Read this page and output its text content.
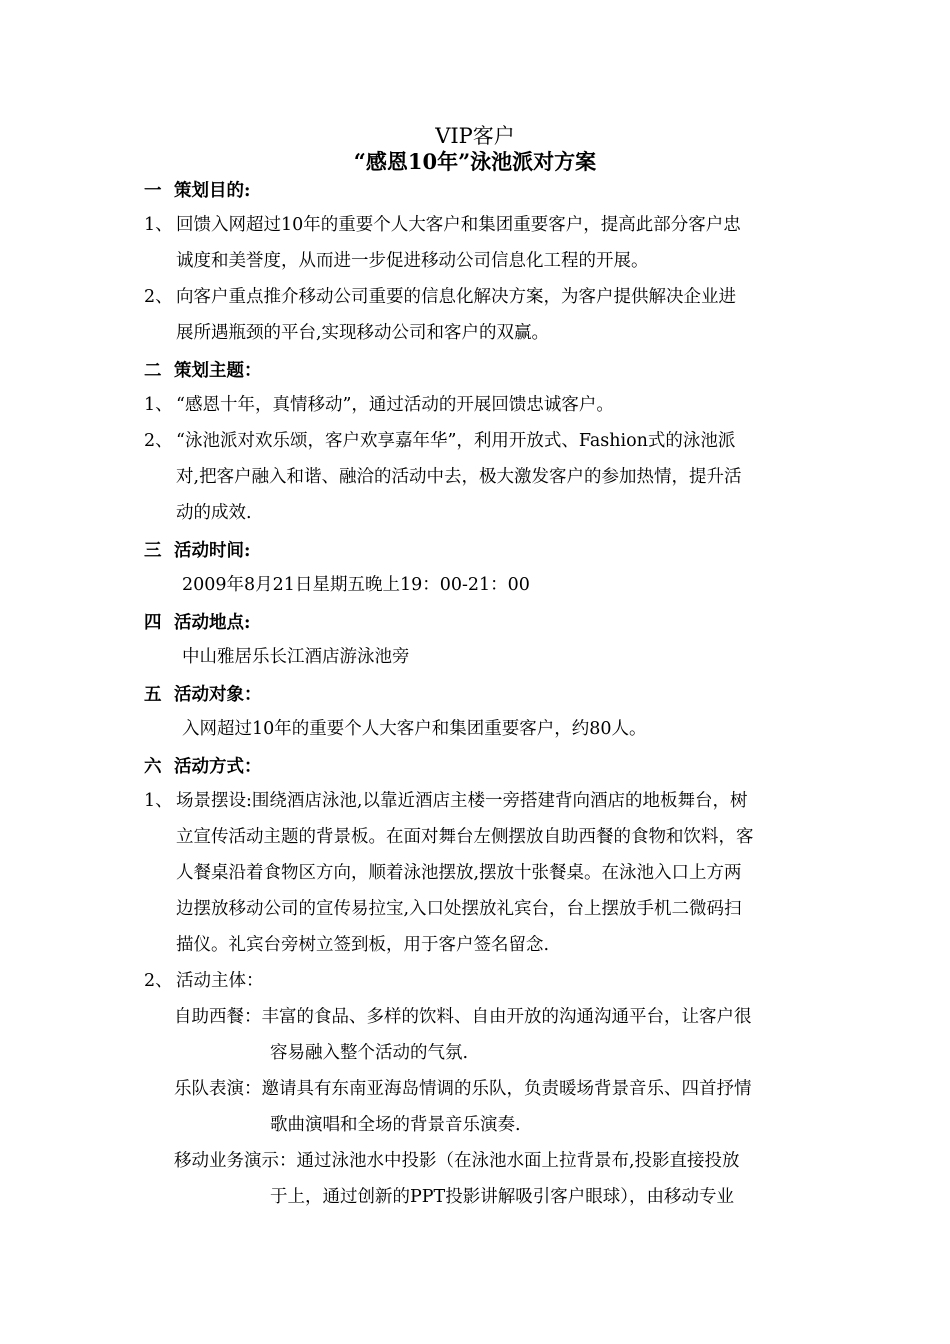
VIP客户
“感恩10年”泳池派对方案
一 策划目的:
1、 回馈入网超过10年的重要个人大客户和集团重要客户，提高此部分客户忠
诚度和美誉度，从而进一步促进移动公司信息化工程的开展。
2、 向客户重点推介移动公司重要的信息化解决方案，为客户提供解决企业进
展所遇瓶颈的平台,实现移动公司和客户的双赢。
二 策划主题：
1、 “感恩十年，真情移动”，通过活动的开展回馈忠诚客户。
2、 “泳池派对欢乐颂，客户欢享嘉年华”，利用开放式、Fashion式的泳池派
对,把客户融入和谐、融洽的活动中去，极大激发客户的参加热情，提升活
动的成效.
三 活动时间:
2009年8月21日星期五晚上19：00-21：00
四 活动地点:
中山雅居乐长江酒店游泳池旁
五 活动对象：
入网超过10年的重要个人大客户和集团重要客户，约80人。
六 活动方式：
1、 场景摆设:围绕酒店泳池,以靠近酒店主楼一旁搭建背向酒店的地板舞台，树
立宣传活动主题的背景板。在面对舞台左侧摆放自助西餐的食物和饮料，客
人餐桌沿着食物区方向，顺着泳池摆放,摆放十张餐桌。在泳池入口上方两
边摆放移动公司的宣传易拉宝,入口处摆放礼宾台，台上摆放手机二微码扫
描仪。礼宾台旁树立签到板，用于客户签名留念.
2、 活动主体：
自助西餐： 丰富的食品、多样的饮料、自由开放的沟通沟通平台，让客户很
容易融入整个活动的气氛.
乐队表演： 邀请具有东南亚海岛情调的乐队，负责暖场背景音乐、四首抒情
歌曲演唱和全场的背景音乐演奏.
移动业务演示： 通过泳池水中投影（在泳池水面上拉背景布,投影直接投放
于上，通过创新的PPT投影讲解吸引客户眼球），由移动专业
